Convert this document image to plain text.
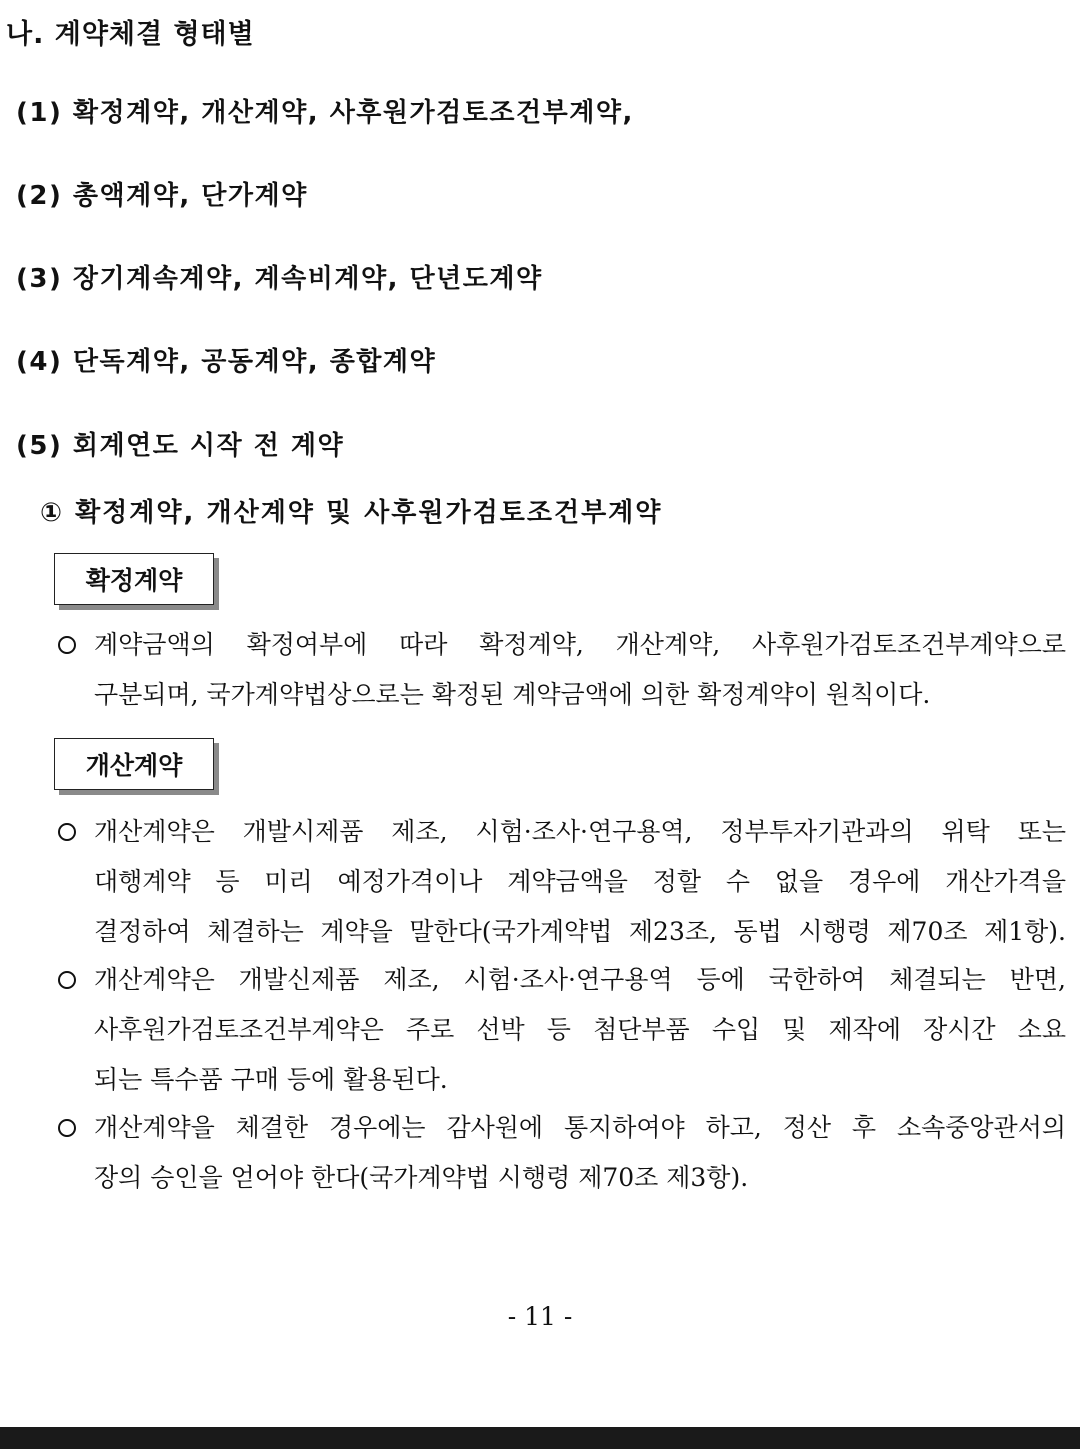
나. 계약체결 형태별
(1) 확정계약, 개산계약, 사후원가검토조건부계약,
(2) 총액계약, 단가계약
(3) 장기계속계약, 계속비계약, 단년도계약
(4) 단독계약, 공동계약, 종합계약
(5) 회계연도 시작 전 계약
① 확정계약, 개산계약 및 사후원가검토조건부계약
확정계약
계약금액의 확정여부에 따라 확정계약, 개산계약, 사후원가검토조건부계약으로
구분되며, 국가계약법상으로는 확정된 계약금액에 의한 확정계약이 원칙이다.
개산계약
개산계약은 개발시제품 제조, 시험·조사·연구용역, 정부투자기관과의 위탁 또는
대행계약 등 미리 예정가격이나 계약금액을 정할 수 없을 경우에 개산가격을
결정하여 체결하는 계약을 말한다(국가계약법 제23조, 동법 시행령 제70조 제1항).
개산계약은 개발신제품 제조, 시험·조사·연구용역 등에 국한하여 체결되는 반면,
사후원가검토조건부계약은 주로 선박 등 첨단부품 수입 및 제작에 장시간 소요
되는 특수품 구매 등에 활용된다.
개산계약을 체결한 경우에는 감사원에 통지하여야 하고, 정산 후 소속중앙관서의
장의 승인을 얻어야 한다(국가계약법 시행령 제70조 제3항).
- 11 -
